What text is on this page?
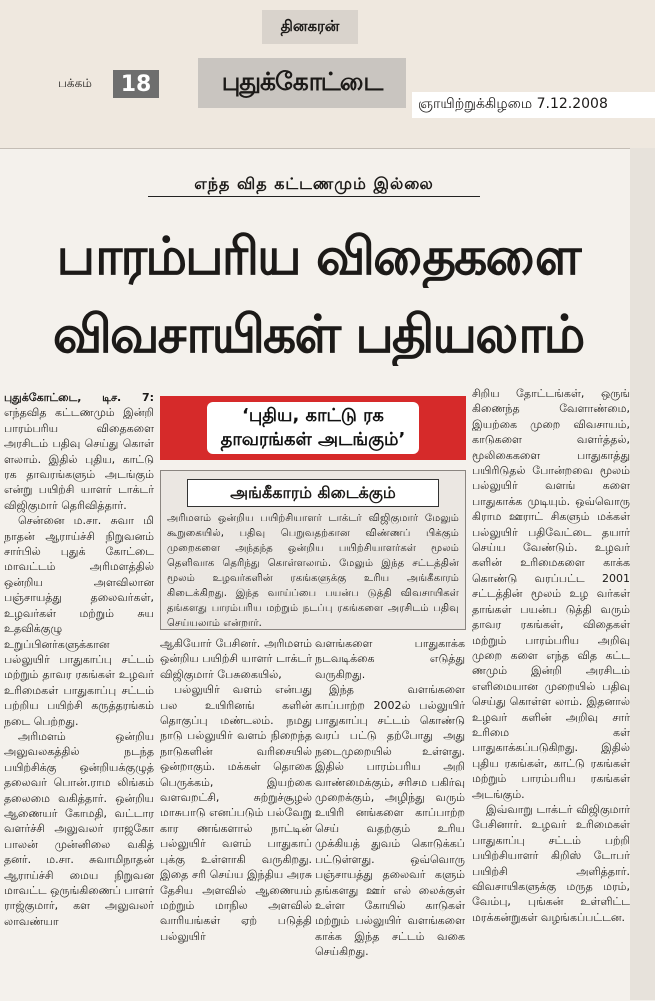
தினகரன்
பக்கம்	18	புதுக்கோட்டை
ஞாயிற்றுக்கிழமை 7.12.2008
எந்த வித கட்டணமும் இல்லை
பாரம்பரிய விதைகளை
விவசாயிகள் பதியலாம்
‘புதிய, காட்டு ரக
தாவரங்கள் அடங்கும்’
அங்கீகாரம் கிடைக்கும்
அரிமளம் ஒன்றிய பயிற்சியாளர் டாக்டர் விஜிகுமார் மேலும் கூறுகையில், பதிவு பெறுவதற்கான விண்ணப் பிக்கும் முறைகளை அந்தந்த ஒன்றிய பயிற்சியாளர்கள் மூலம் தெளிவாக தெரிந்து கொள்ளலாம். மேலும் இந்த சட்டத்தின் மூலம் உழவர்களின் ரகங்களுக்கு உரிய அங்கீகாரம் கிடைக்கிறது. இந்த வாய்ப்பை பயன்ப டுத்தி விவசாயிகள் தங்களது பாரம்பரிய மற்றும் நடப்பு ரகங்களை அரசிடம் பதிவு செய்யலாம் என்றார்.

புதுக்கோட்டை, டிச. 7: எந்தவித கட்டணமும் இன்றி பாரம்பரிய விதைகளை அரசிடம் பதிவு செய்து கொள் ளலாம். இதில் புதிய, காட்டு ரக தாவரங்களும் அடங்கும் என்று பயிற்சி யாளர் டாக்டர் விஜிகுமார் தெரிவித்தார்.

சென்னை ம.சா. சுவா மி நாதன் ஆராய்ச்சி நிறுவனம் சார்பில் புதுக் கோட்டை மாவட்டம் அரிமளத்தில் ஒன்றிய அளவிலான பஞ்சாயத்து தலைவர்கள், உழவர்கள் மற்றும் சுய உதவிக்குழு உறுப்பினர்களுக்கான பல்லுயிர் பாதுகாப்பு சட்டம் மற்றும் தாவர ரகங்கள் உழவர் உரிமைகள் பாதுகாப்பு சட்டம் பற்றிய பயிற்சி கருத்தரங்கம் நடை பெற்றது.

அரிமளம் ஒன்றிய அலுவலகத்தில் நடந்த பயிற்சிக்கு ஒன்றியக்குழுத் தலைவர் பொன்.ராம லிங்கம் தலைமை வகித்தார். ஒன்றிய ஆணையர் கோமதி, வட்டார வளர்ச்சி அலுவலர் ராஜகோ பாலன் முன்னிலை வகித் தனர். ம.சா. சுவாமிநாதன் ஆராய்ச்சி மைய நிறுவன மாவட்ட ஒருங்கிணைப் பாளர் ராஜ்குமார், கள அலுவலர் லாவண்யா

ஆகியோர் பேசினர். அரிமளம் ஒன்றிய பயிற்சி யாளர் டாக்டர் விஜிகுமார் பேசுகையில்,

பல்லுயிர் வளம் என்பது பல உயிரினங் களின் தொகுப்பு மண்டலம். நமது நாடு பல்லுயிர் வளம் நிறைந்த நாடுகளின் வரிசையில் ஒன்றாகும். மக்கள் தொகை பெருக்கம், இயற்கை வளவறட்சி, சுற்றுச்சூழல் மாசுபாடு எனப்படும் பல்வேறு கார ணங்களால் நாட்டின் பல்லுயிர் வளம் பாதுகாப் புக்கு உள்ளாகி வருகிறது. இதை சரி செய்ய இந்திய அரசு தேசிய அளவில் ஆணையம் மற்றும் மாநில அளவில் வாரியங்கள் ஏற் படுத்தி பல்லுயிர்

வளங்களை பாதுகாக்க நடவடிக்கை எடுத்து வருகிறது.

இந்த வளங்களை காப்பாற்ற 2002ல் பல்லுயிர் பாதுகாப்பு சட்டம் கொண்டு வரப் பட்டு தற்போது அது நடைமுறையில் உள்ளது. இதில் பாரம்பரிய அறி வாண்மைக்கும், சரிசம பகிர்வு முறைக்கும், அழிந்து வரும் உயிரி னங்களை காப்பாற்ற செய் வதற்கும் உரிய முக்கியத் துவம் கொடுக்கப் பட்டுள்ளது. ஒவ்வொரு பஞ்சாயத்து தலைவர் களும் தங்களது ஊர் எல் லைக்குள் உள்ள கோயில் காடுகள் மற்றும் பல்லுயிர் வளங்களை காக்க இந்த சட்டம் வகை செய்கிறது.

சிறிய தோட்டங்கள், ஒருங் கிணைந்த வேளாண்மை, இயற்கை முறை விவசாயம், காடுகளை வளர்த்தல், மூலிகைகளை பாதுகாத்து பயிரிடுதல் போன்றவை மூலம் பல்லுயிர் வளங் களை பாதுகாக்க முடியும். ஒவ்வொரு கிராம ஊராட் சிகளும் மக்கள் பல்லுயிர் பதிவேட்டை தயார் செய்ய வேண்டும். உழவர் களின் உரிமைகளை காக்க கொண்டு வரப்பட்ட 2001 சட்டத்தின் மூலம் உழ வர்கள் தாங்கள் பயன்ப டுத்தி வரும் தாவர ரகங்கள், விதைகள் மற்றும் பாரம்பரிய அறிவு முறை களை எந்த வித கட்ட ணமும் இன்றி அரசிடம் எளிமையான முறையில் பதிவு செய்து கொள்ள லாம். இதனால் உழவர் களின் அறிவு சார் உரிமை கள் பாதுகாக்கப்படுகிறது. இதில் புதிய ரகங்கள், காட்டு ரகங்கள் மற்றும் பாரம்பரிய ரகங்கள் அடங்கும்.

இவ்வாறு டாக்டர் விஜிகுமார் பேசினார். உழவர் உரிமைகள் பாதுகாப்பு சட்டம் பற்றி பயிற்சியாளர் கிறிஸ் டோபர் பயிற்சி அளித்தார். விவசாயிகளுக்கு மருத மரம், வேம்பு, புங்கன் உள்ளிட்ட மரக்கன்றுகள் வழங்கப்பட்டன.
